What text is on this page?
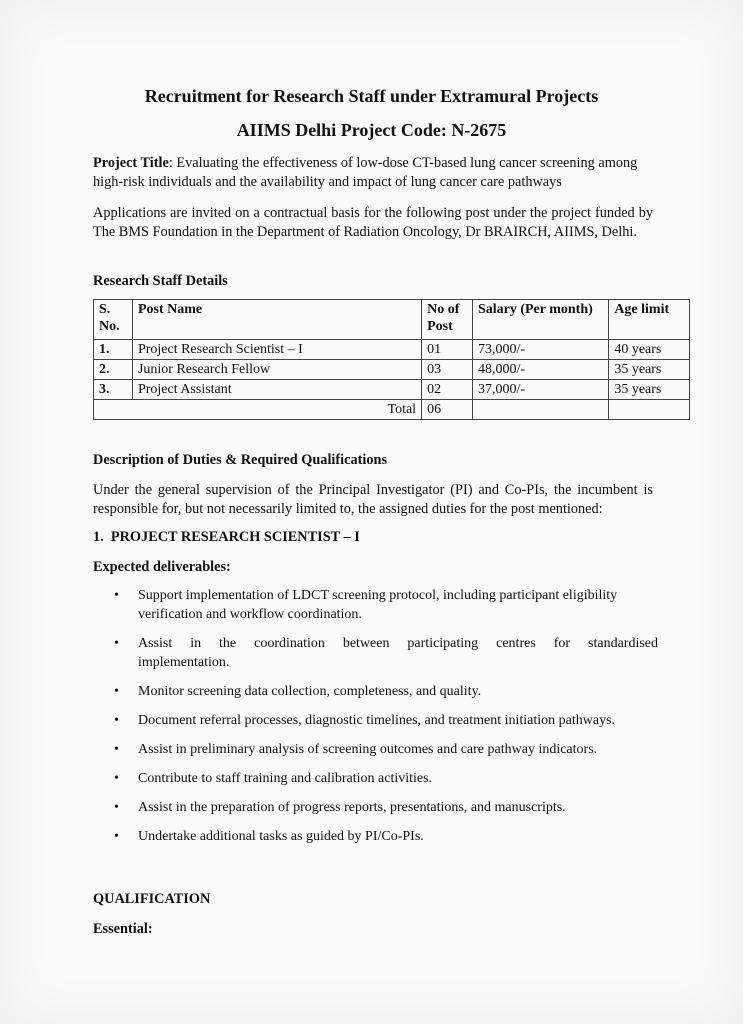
Recruitment for Research Staff under Extramural Projects
AIIMS Delhi Project Code: N-2675
Project Title: Evaluating the effectiveness of low-dose CT-based lung cancer screening among high-risk individuals and the availability and impact of lung cancer care pathways
Applications are invited on a contractual basis for the following post under the project funded by The BMS Foundation in the Department of Radiation Oncology, Dr BRAIRCH, AIIMS, Delhi.
Research Staff Details
S. No.	Post Name	No of Post	Salary (Per month)	Age limit
1.	Project Research Scientist – I	01	73,000/-	40 years
2.	Junior Research Fellow	03	48,000/-	35 years
3.	Project Assistant	02	37,000/-	35 years
Total		06		
Description of Duties & Required Qualifications
Under the general supervision of the Principal Investigator (PI) and Co-PIs, the incumbent is responsible for, but not necessarily limited to, the assigned duties for the post mentioned:
1.  PROJECT RESEARCH SCIENTIST – I
Expected deliverables:
• Support implementation of LDCT screening protocol, including participant eligibility verification and workflow coordination.
• Assist in the coordination between participating centres for standardised implementation.
• Monitor screening data collection, completeness, and quality.
• Document referral processes, diagnostic timelines, and treatment initiation pathways.
• Assist in preliminary analysis of screening outcomes and care pathway indicators.
• Contribute to staff training and calibration activities.
• Assist in the preparation of progress reports, presentations, and manuscripts.
• Undertake additional tasks as guided by PI/Co-PIs.
QUALIFICATION
Essential:
